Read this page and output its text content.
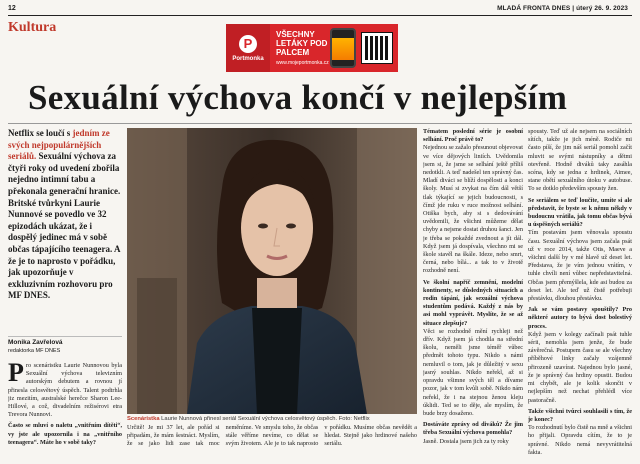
12	MLADÁ FRONTA DNES | úterý 26. 9. 2023
Kultura
P
Portmonka
VŠECHNY LETÁKY POD PALCEM
www.mojeportmonka.cz
Sexuální výchova končí v nejlepším
Netflix se loučí s jedním ze svých nejpopulárnějších seriálů. Sexuální výchova za čtyři roky od uvedení zbořila nejedno intimní tabu a překonala generační hranice. Britské tvůrkyni Laurie Nunnové se povedlo ve 32 epizodách ukázat, že i dospělý jedinec má v sobě občas tápajícího teenagera. A že je to naprosto v pořádku, jak upozorňuje v exkluzivním rozhovoru pro MF DNES.
Monika Zavřelová
redaktorka MF DNES
P ro scenáristku Laurie Nunnovou byla Sexuální výchova televizním autorským debutem a rovnou jí přinesla celosvětový úspěch. Talent podtrhla jiz mezitím, australské herečce Sharon Lee-Hillové, a což, divadelním režisérovi etra Trevora Nunnovi.
Často se mluví o naletu „vnitřním dítěti“, vy jste ale upozornila i na „vnitřního teenagera“. Máte ho v sobě taky?
Scenáristka Laurie Nunnová přinesl seriál Sexuální výchova celosvětový úspěch. Foto: Netflix
Určitě! Je mi 37 let, ale pořád si připadám, že mám šestnáct. Myslím, že se jako lidi zase tak moc neměníme. Ve smyslu toho, že občas stále věříme nevíme, co dělat se svým životem. Ale je to tak naprosto v pořádku. Musíme občas nevědět a hledat. Stejně jako hrdinové našeho seriálu.
Tématem poslední série je osobní selhání. Proč právě to?
Nejednou se zažalo přesunout objevovat ve více dějových liniích. Uvědomila jsem si, že jsme se selhání ještě příliš nedotkli. A teď nadešel ten správný čas. Mladí diváci se blíží dospělosti a konci školy. Musí si zvykat na čím dál větší tlak týkající se jejich budoucnosti, s čímž jde ruku v ruce možnost selhání. Otiška bych, aby si s dedovávání uvědomili, že všichni můžeme dělat chyby a nejsme dostat druhou šanci. Jen je třeba se pokaždé zvednout a jít dál. Když jsem já dospívala, všechno mi se škole stavěl na škále. Ideze, nebo smrt, černá, nebo bílá... a tak to v životě rozhodně není.
Ve školní napříč zemnění, modelní kontinenty, se důsledných situacích a rodin tápání, jak sexuální výchova studentům podává. Každý z nás by asi mohl vyprávět. Myslíte, že se až situace zlepšuje?
Věci se rozhodně mění rychleji než dřív. Když jsem já chodila na střední školu, neměli jsme téměř vůbec předmět tohoto typu. Nikdo s námi nemluvil o tom, jak je důležitý v sexu jasný souhlas. Nikdo neřekl, až si opravdu všimne svých těl a dívame pozor, jak v tom kvůli sobě. Nikdo nám neřekl, že i na stejnou ženou kleju úklidi. Ted se to děje, ale myslím, že bude brzy dosaženo.
Dostáváte zprávy od diváků? Že jim třeba Sexuální výchova pomohla?
Jasně. Dostala jsem jich za ty roky
spousty. Teď už ale nejsem na sociálních sítích, takže je jich méně. Rodiče mi často píší, že jim náš seriál pomohl začít mluvit se svými nástupníky a dětmi otevřeně. Hodně diváků taky zasáhla scéna, kdy se jedna z hrdinek, Aimee, stane obětí sexuálního útoku v autobuse. To se dotklo především spousty žen.
Se seriálem se teď loučíte, umíte si ale představit, že byste se k němu někdy v budoucnu vrátila, jak tomu občas bývá u úspěšných seriálů?
Tím postavám jsem věnovala spoustu času. Sexuální výchova jsem začala psát už v roce 2014, takže Otis, Maeve a všichni další by v mé hlavě už deset let. Představa, že je vím jednou vrátím, v tuhle chvíli není vůbec nepředstavitelná. Občas jsem přemýšlela, kde asi budou za deset let. Ale teď už čistě potřebuji přestávku, dlouhou přestávku.
Jak se vám postavy spouštily? Pro některé autory to bývá dost bolestivý proces.
Když jsem v kolegy začínali psát tuhle sérii, nemohla jsem jenže, že bude závěrečná. Postupem času se ale všechny příběhové linky začaly vzájemně přirozeně uzavírat. Najednou bylo jasné, že je správný čas hrdiny opustit. Budou mi chybět, ale je kolik skončit v nejlepším než nechat přehlédl více pastoračně.
Takže všichni tvůrci souhlasili s tím, že je konec?
To rozhodnutí bylo čistě na mně a všichni ho přijali. Opravdu cítím, že to je správné. Nikdo nemá nevyvrátitelná fakta.
